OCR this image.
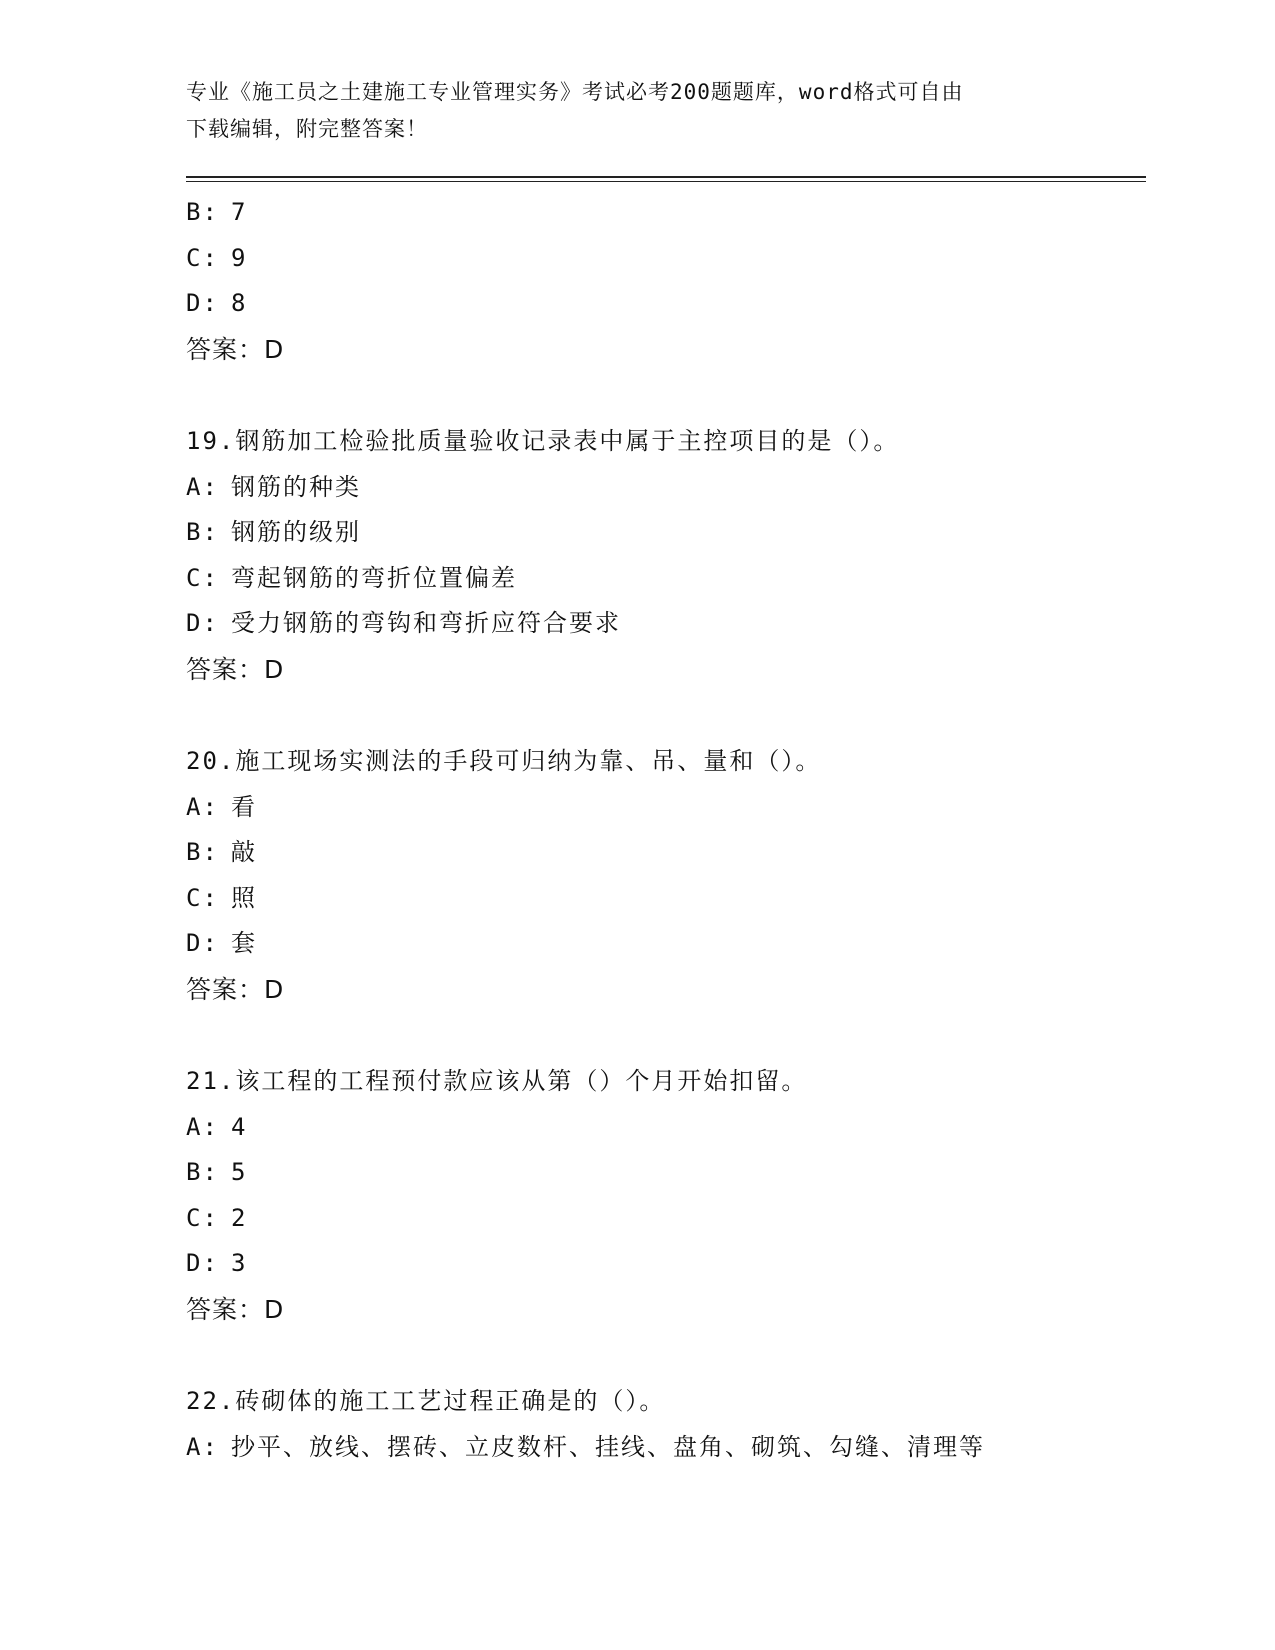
专业《施工员之土建施工专业管理实务》考试必考200题题库，word格式可自由
下载编辑，附完整答案！
B: 7
C: 9
D: 8
答案：D
19.钢筋加工检验批质量验收记录表中属于主控项目的是（）。
A: 钢筋的种类
B: 钢筋的级别
C: 弯起钢筋的弯折位置偏差
D: 受力钢筋的弯钩和弯折应符合要求
答案：D
20.施工现场实测法的手段可归纳为靠、吊、量和（）。
A: 看
B: 敲
C: 照
D: 套
答案：D
21.该工程的工程预付款应该从第（）个月开始扣留。
A: 4
B: 5
C: 2
D: 3
答案：D
22.砖砌体的施工工艺过程正确是的（）。
A: 抄平、放线、摆砖、立皮数杆、挂线、盘角、砌筑、勾缝、清理等
